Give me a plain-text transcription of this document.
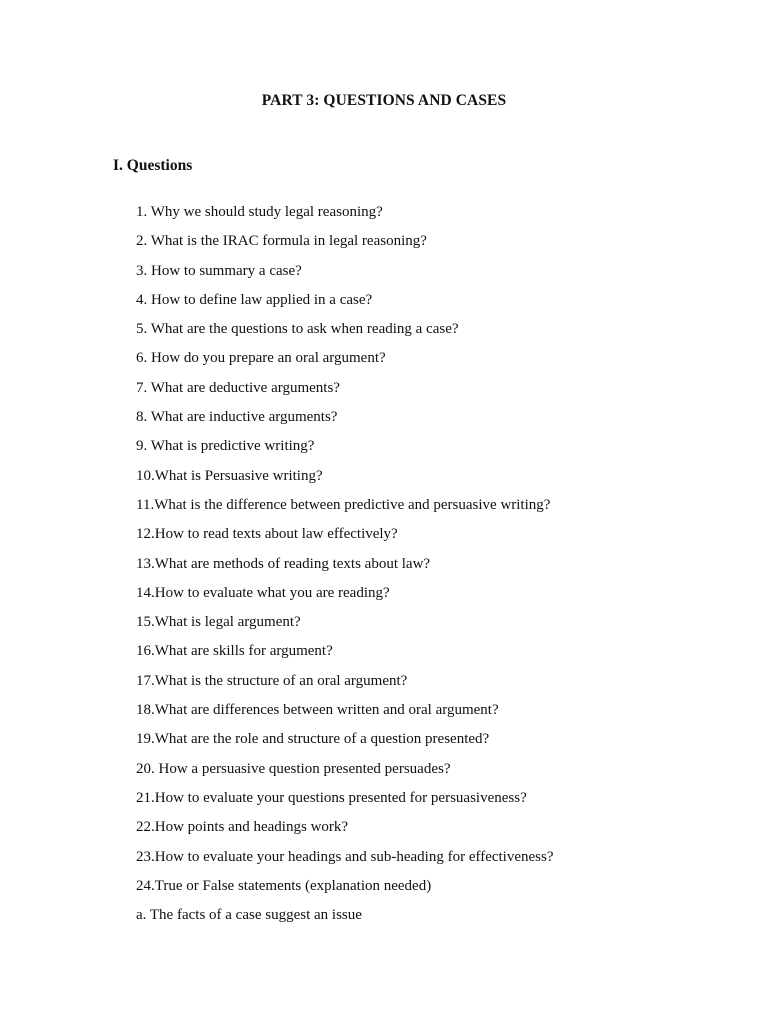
PART 3: QUESTIONS AND CASES
I. Questions
1. Why we should study legal reasoning?
2. What is the IRAC formula in legal reasoning?
3. How to summary a case?
4. How to define law applied in a case?
5. What are the questions to ask when reading a case?
6. How do you prepare an oral argument?
7. What are deductive arguments?
8. What are inductive arguments?
9. What is predictive writing?
10.What is Persuasive writing?
11.What is the difference between predictive and persuasive writing?
12.How to read texts about law effectively?
13.What are methods of reading texts about law?
14.How to evaluate what you are reading?
15.What is legal argument?
16.What are skills for argument?
17.What is the structure of an oral argument?
18.What are differences between written and oral argument?
19.What are the role and structure of a question presented?
20. How a persuasive question presented persuades?
21.How to evaluate your questions presented for persuasiveness?
22.How points and headings work?
23.How to evaluate your headings and sub-heading for effectiveness?
24.True or False statements (explanation needed)
a. The facts of a case suggest an issue
